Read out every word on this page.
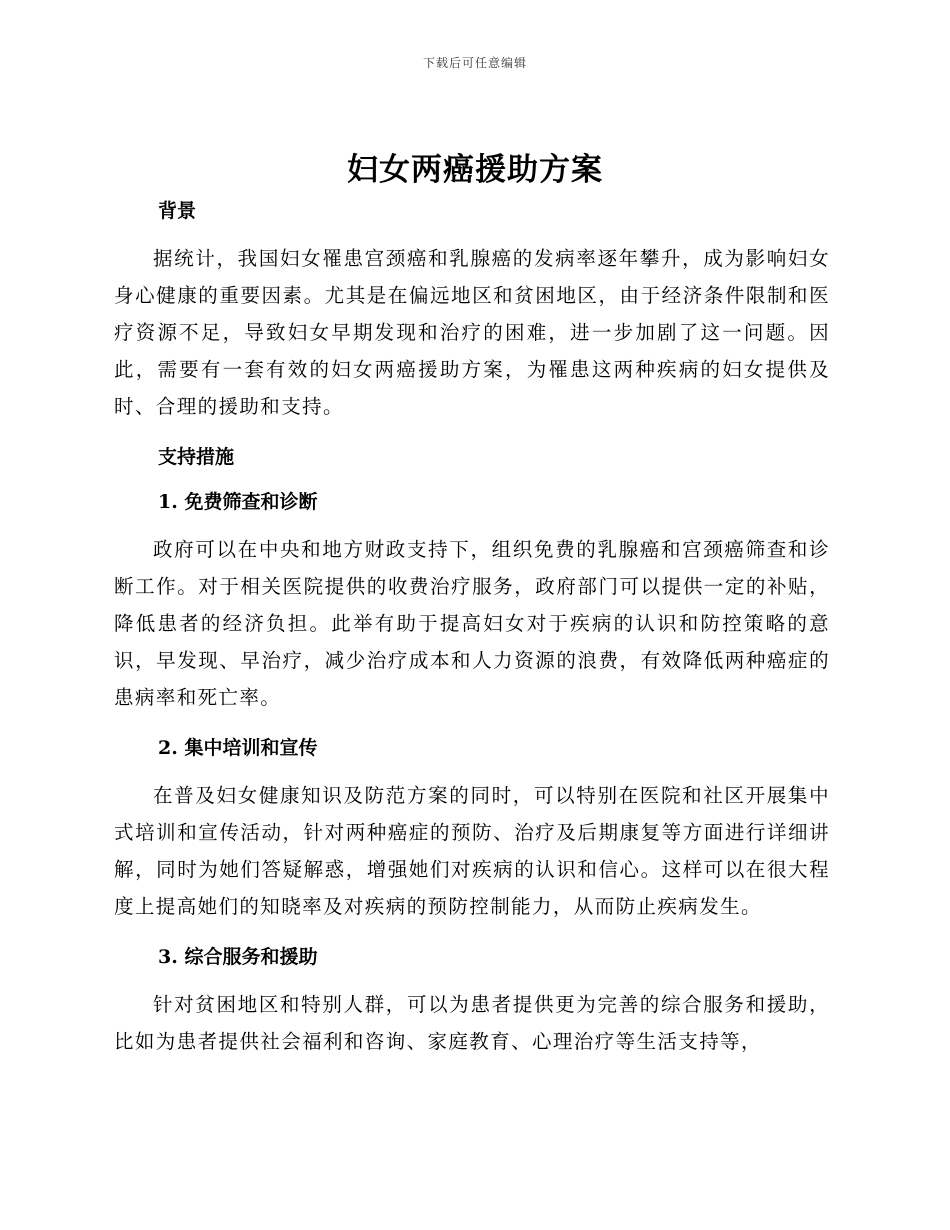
下载后可任意编辑
妇女两癌援助方案
背景

据统计，我国妇女罹患宫颈癌和乳腺癌的发病率逐年攀升，成为影响妇女身心健康的重要因素。尤其是在偏远地区和贫困地区，由于经济条件限制和医疗资源不足，导致妇女早期发现和治疗的困难，进一步加剧了这一问题。因此，需要有一套有效的妇女两癌援助方案，为罹患这两种疾病的妇女提供及时、合理的援助和支持。

支持措施
1. 免费筛查和诊断

政府可以在中央和地方财政支持下，组织免费的乳腺癌和宫颈癌筛查和诊断工作。对于相关医院提供的收费治疗服务，政府部门可以提供一定的补贴，降低患者的经济负担。此举有助于提高妇女对于疾病的认识和防控策略的意识，早发现、早治疗，减少治疗成本和人力资源的浪费，有效降低两种癌症的患病率和死亡率。

2. 集中培训和宣传

在普及妇女健康知识及防范方案的同时，可以特别在医院和社区开展集中式培训和宣传活动，针对两种癌症的预防、治疗及后期康复等方面进行详细讲解，同时为她们答疑解惑，增强她们对疾病的认识和信心。这样可以在很大程度上提高她们的知晓率及对疾病的预防控制能力，从而防止疾病发生。

3. 综合服务和援助

针对贫困地区和特别人群，可以为患者提供更为完善的综合服务和援助，比如为患者提供社会福利和咨询、家庭教育、心理治疗等生活支持等，
